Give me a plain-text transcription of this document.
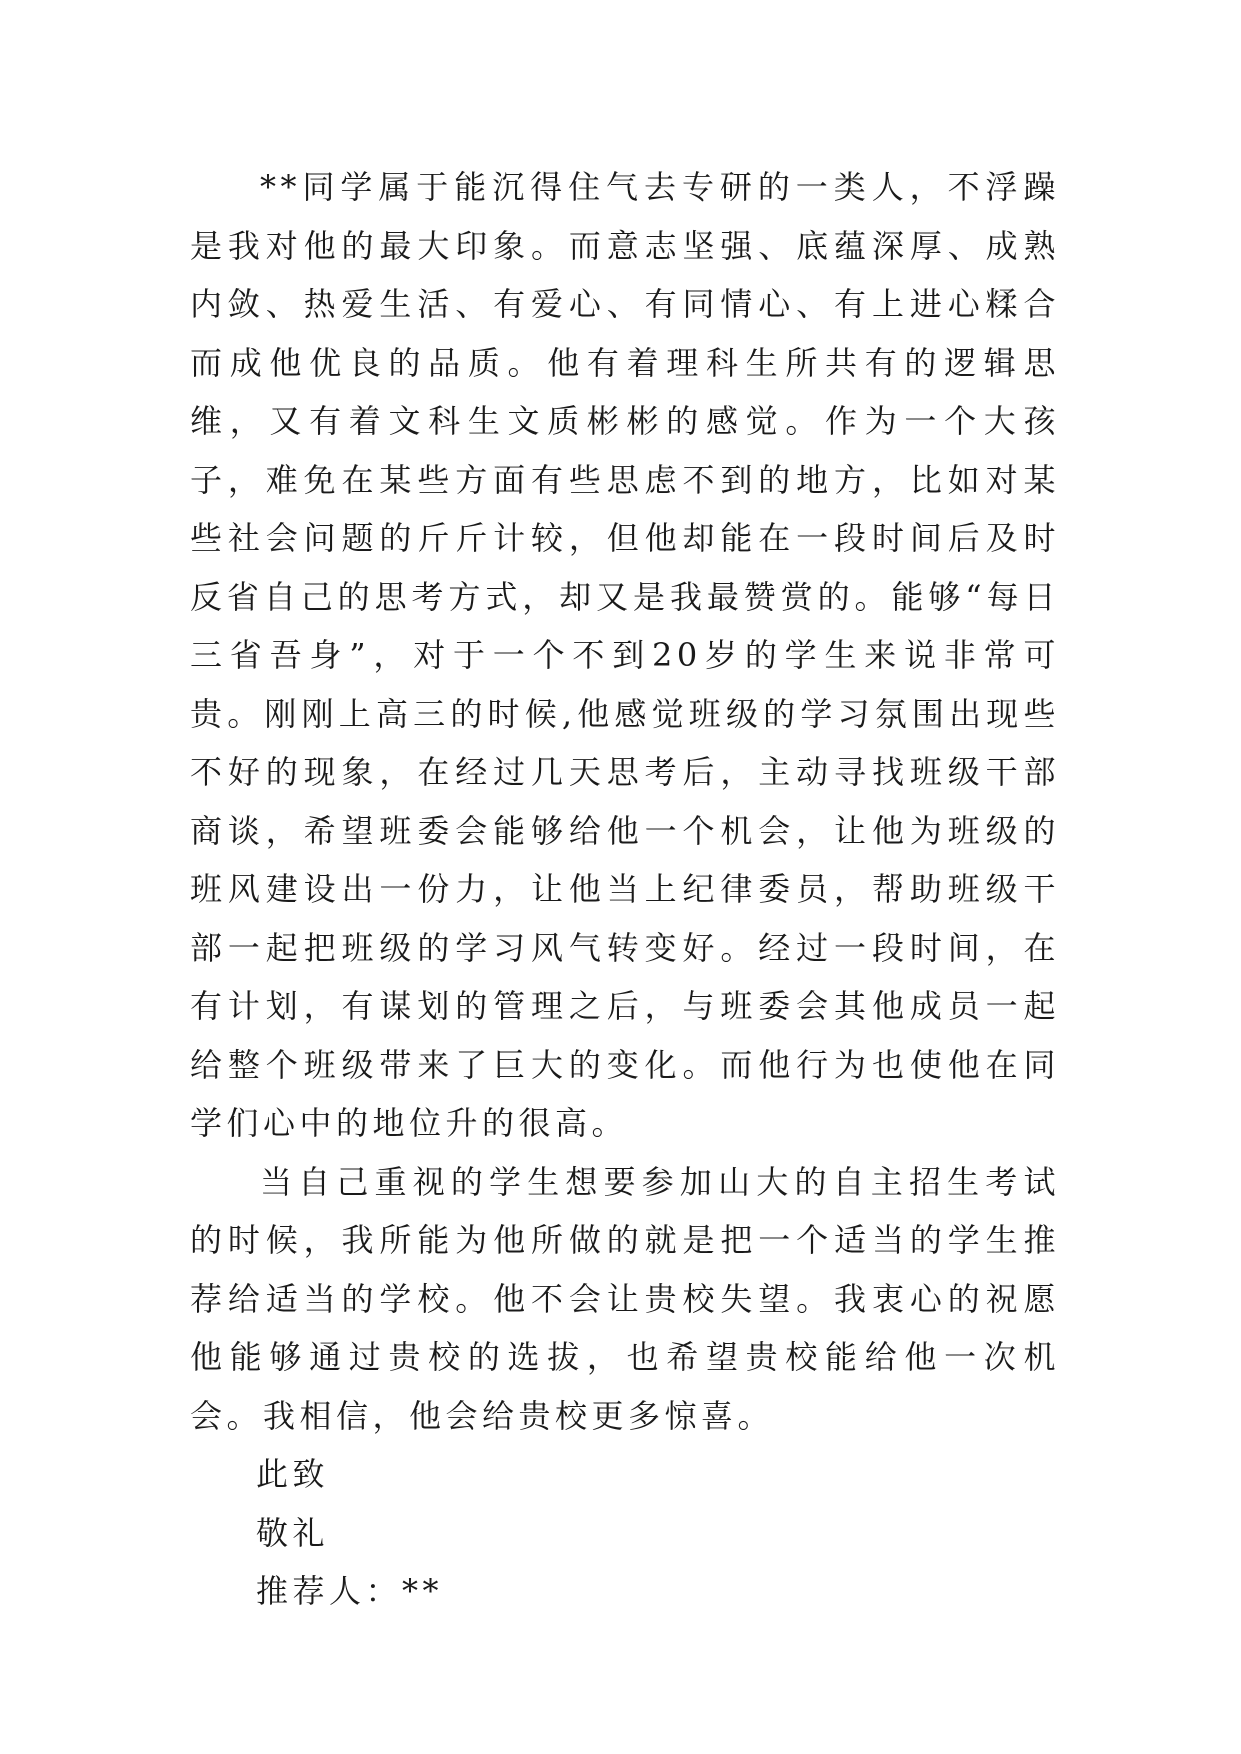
**同学属于能沉得住气去专研的一类人，不浮躁是我对他的最大印象。而意志坚强、底蕴深厚、成熟内敛、热爱生活、有爱心、有同情心、有上进心糅合而成他优良的品质。他有着理科生所共有的逻辑思维，又有着文科生文质彬彬的感觉。作为一个大孩子，难免在某些方面有些思虑不到的地方，比如对某些社会问题的斤斤计较，但他却能在一段时间后及时反省自己的思考方式，却又是我最赞赏的。能够“每日三省吾身”，对于一个不到20岁的学生来说非常可贵。刚刚上高三的时候,他感觉班级的学习氛围出现些不好的现象，在经过几天思考后，主动寻找班级干部商谈，希望班委会能够给他一个机会，让他为班级的班风建设出一份力，让他当上纪律委员，帮助班级干部一起把班级的学习风气转变好。经过一段时间，在有计划，有谋划的管理之后，与班委会其他成员一起给整个班级带来了巨大的变化。而他行为也使他在同学们心中的地位升的很高。

当自己重视的学生想要参加山大的自主招生考试的时候，我所能为他所做的就是把一个适当的学生推荐给适当的学校。他不会让贵校失望。我衷心的祝愿他能够通过贵校的选拔，也希望贵校能给他一次机会。我相信，他会给贵校更多惊喜。

此致

敬礼

推荐人：**
